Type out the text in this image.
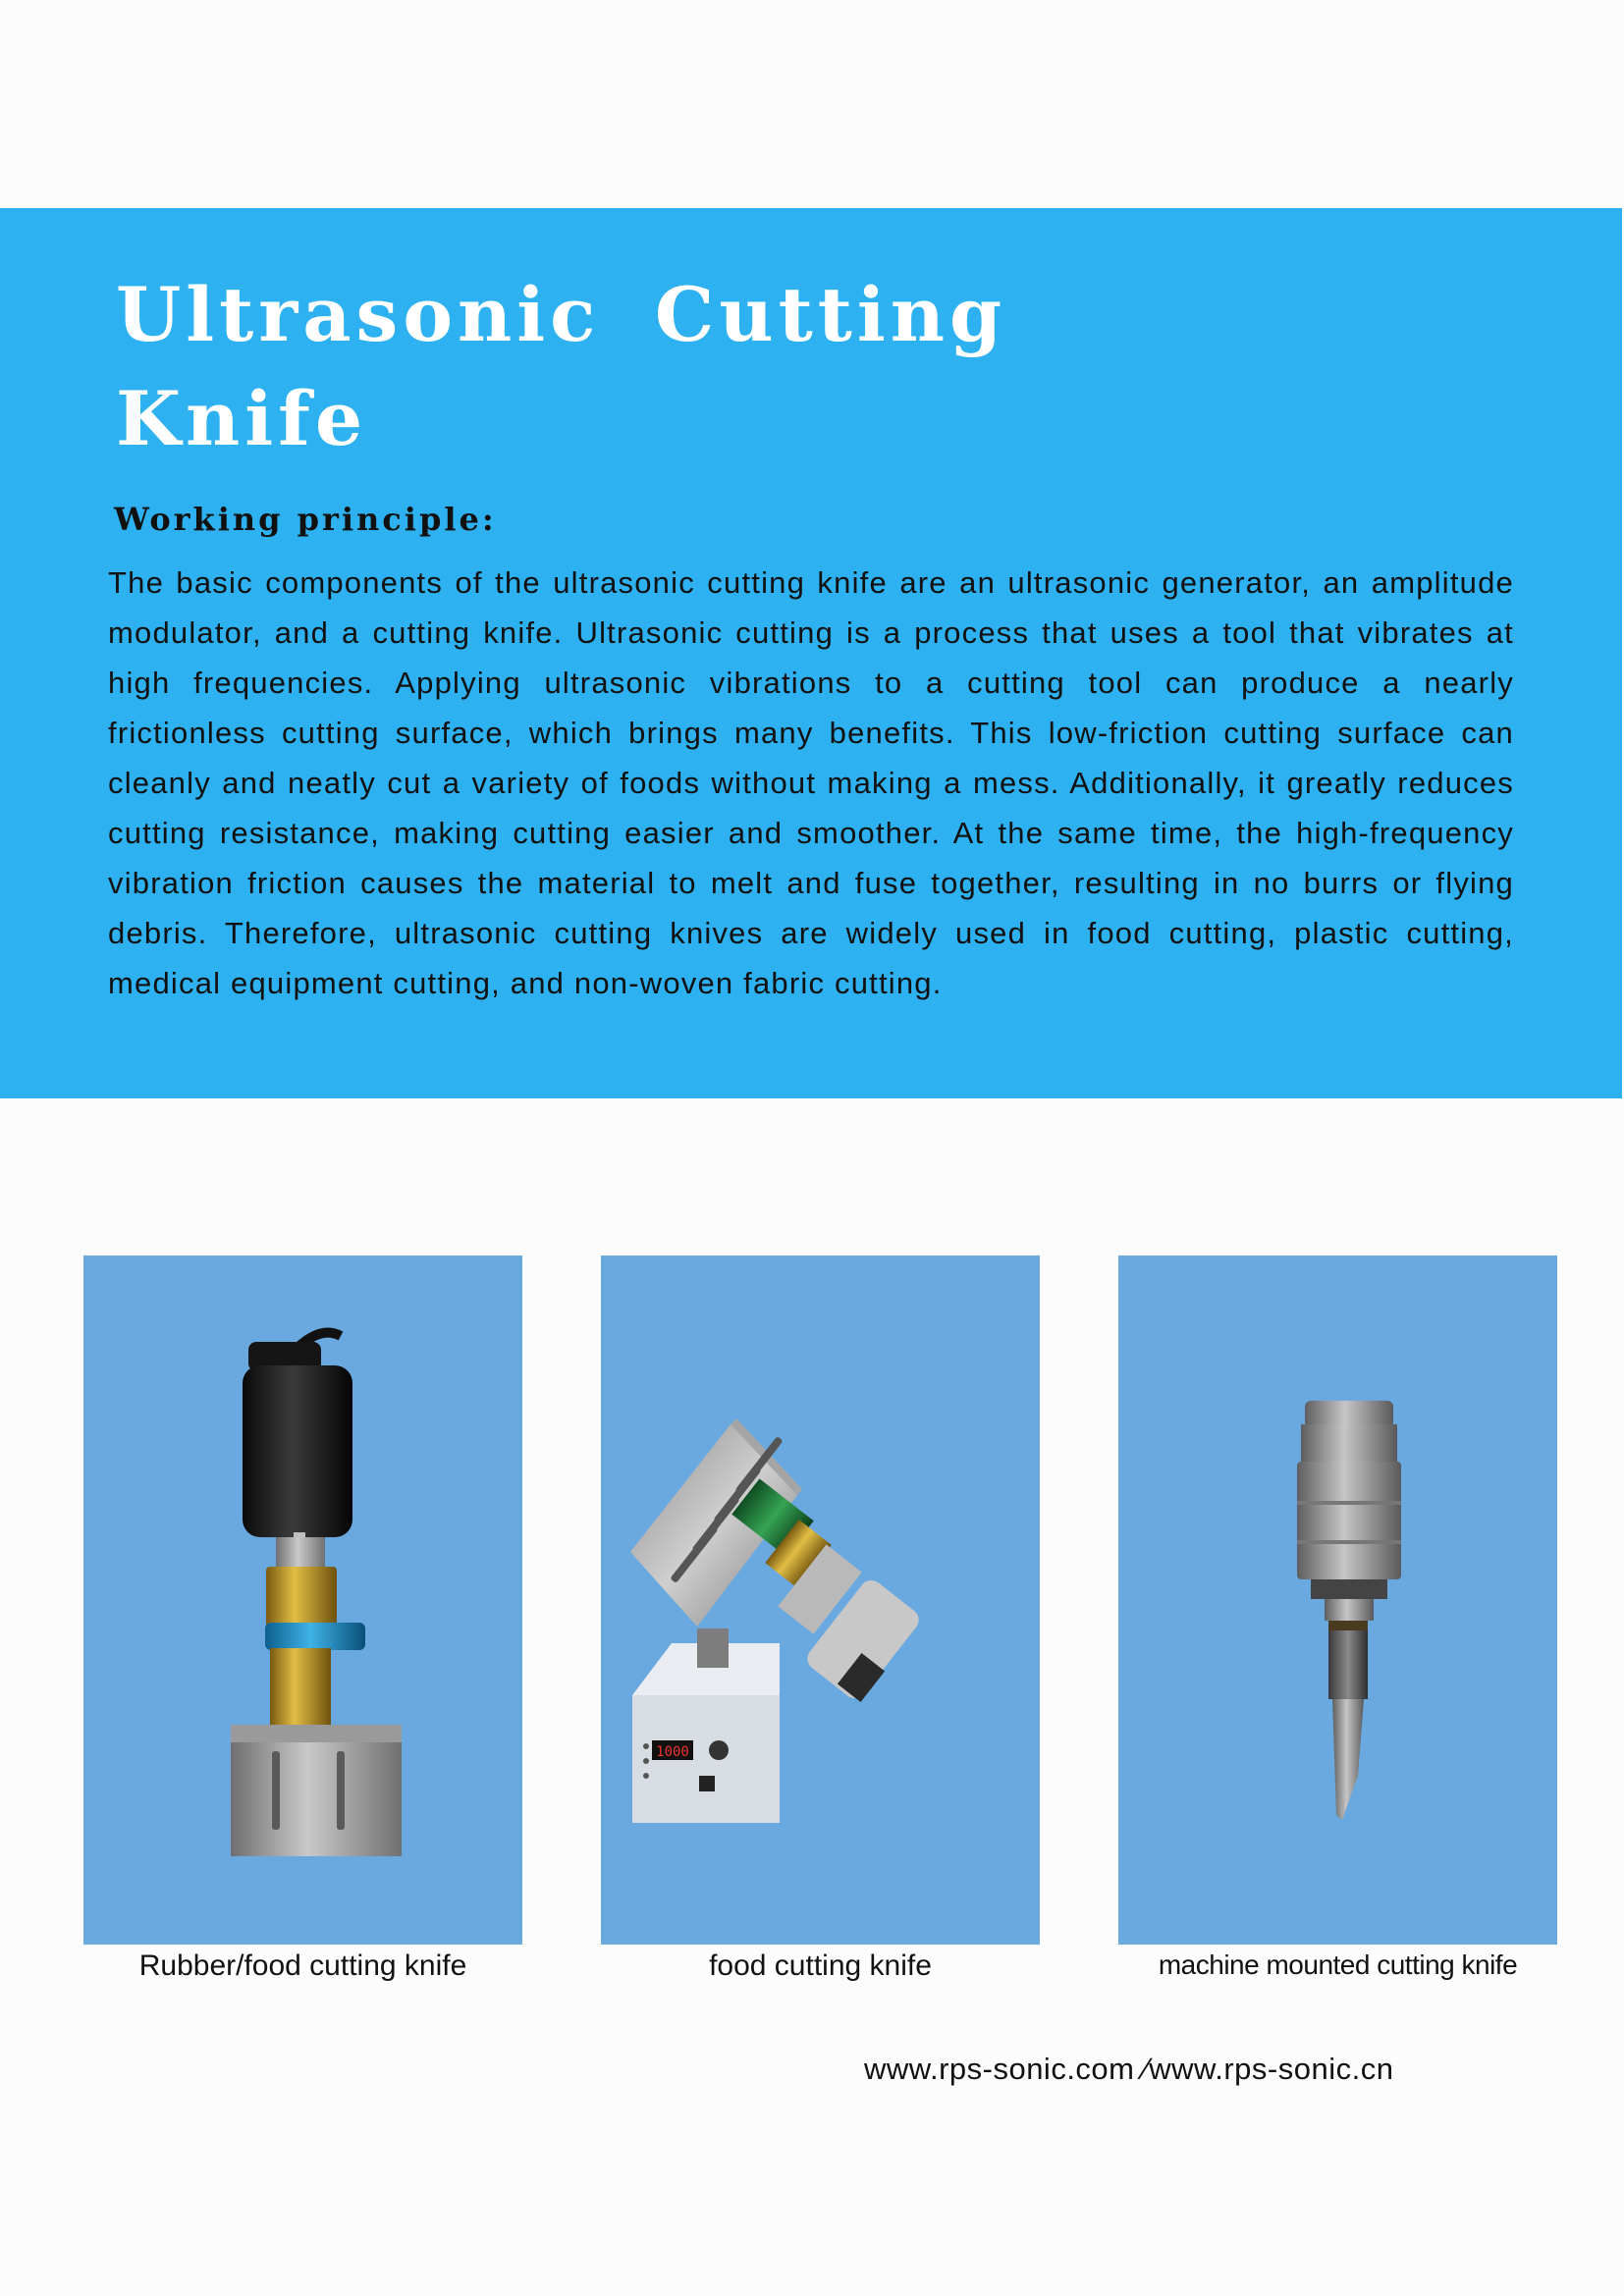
Ultrasonic Cutting
Knife
Working principle:

The basic components of the ultrasonic cutting knife are an ultrasonic generator, an amplitude modulator, and a cutting knife. Ultrasonic cutting is a process that uses a tool that vibrates at high frequencies. Applying ultrasonic vibrations to a cutting tool can produce a nearly frictionless cutting surface, which brings many benefits. This low-friction cutting surface can cleanly and neatly cut a variety of foods without making a mess. Additionally, it greatly reduces cutting resistance, making cutting easier and smoother. At the same time, the high-frequency vibration friction causes the material to melt and fuse together, resulting in no burrs or flying debris. Therefore, ultrasonic cutting knives are widely used in food cutting, plastic cutting, medical equipment cutting, and non-woven fabric cutting.

Rubber/food cutting knife

1000

food cutting knife	machine mounted cutting knife

www.rps-sonic.com ∕www.rps-sonic.cn
